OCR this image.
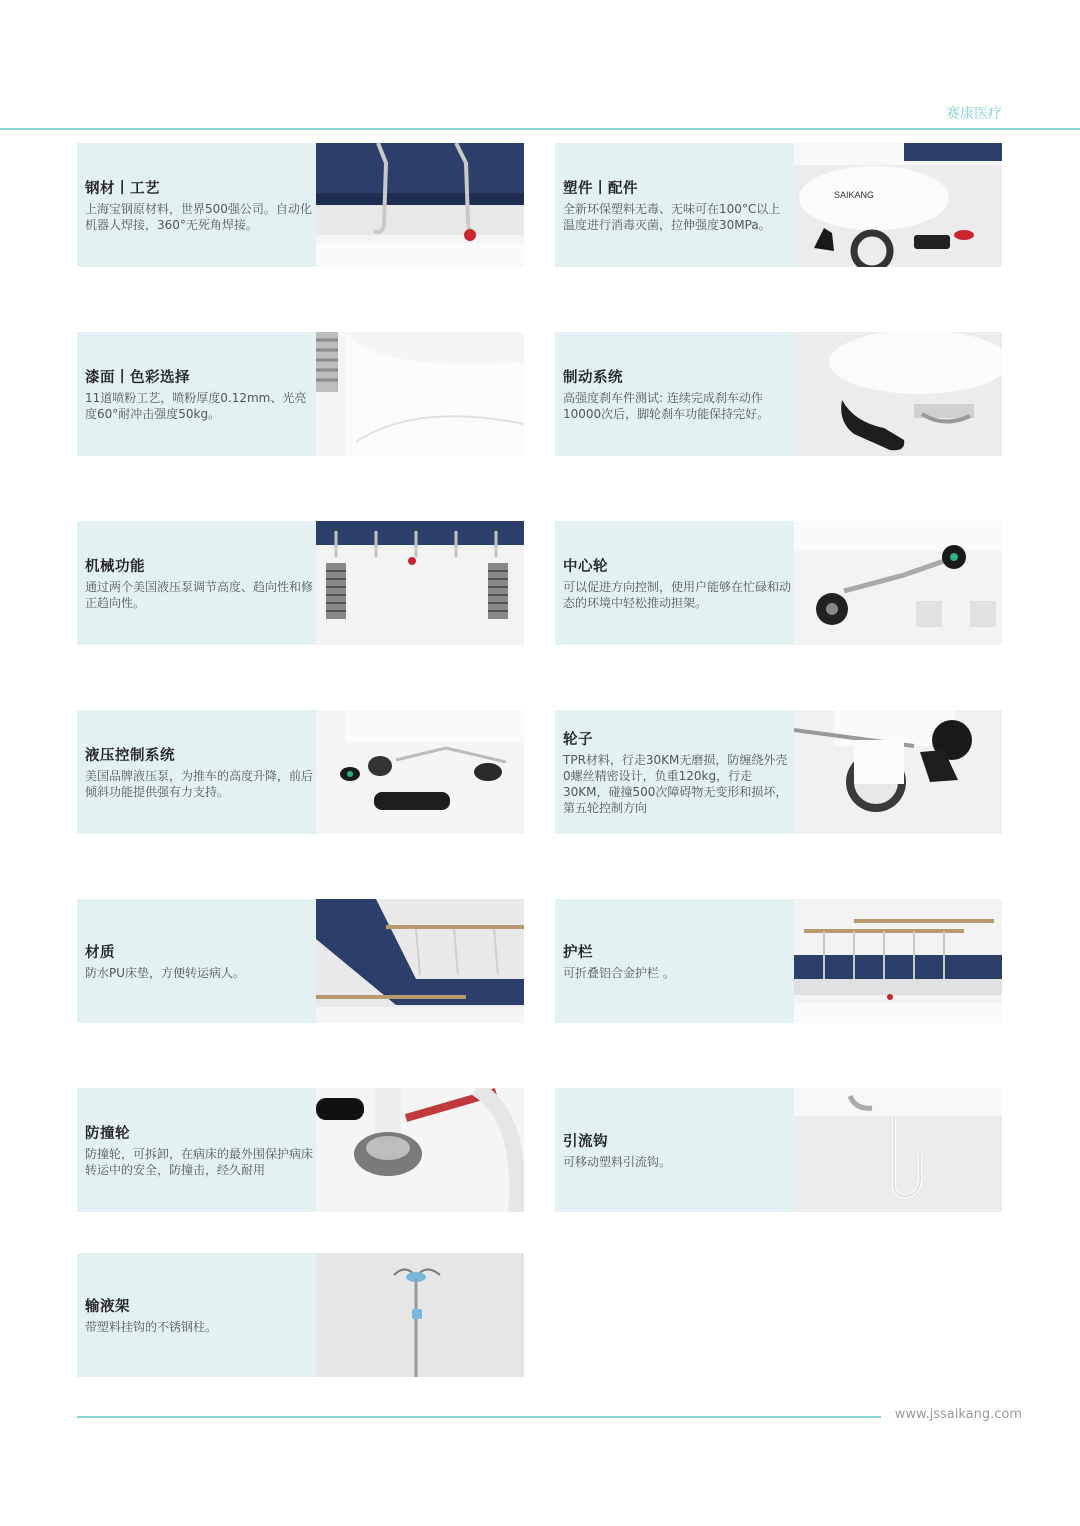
赛康医疗
钢材丨工艺

上海宝钢原材料，世界500强公司。自动化机器人焊接，360°无死角焊接。

塑件丨配件

全新环保塑料无毒、无味可在100°C以上温度进行消毒灭菌，拉伸强度30MPa。

SAIKANG
漆面丨色彩选择

11道喷粉工艺，喷粉厚度0.12mm、光亮度60°耐冲击强度50kg。

制动系统

高强度刹车件测试: 连续完成刹车动作10000次后，脚轮刹车功能保持完好。

机械功能

通过两个美国液压泵调节高度、趋向性和修正趋向性。

中心轮

可以促进方向控制，使用户能够在忙碌和动态的环境中轻松推动担架。

液压控制系统

美国品牌液压泵，为推车的高度升降，前后倾斜功能提供强有力支持。

轮子

TPR材料，行走30KM无磨损，防缠绕外壳0螺丝精密设计，负重120kg，行走30KM，碰撞500次障碍物无变形和损坏，第五轮控制方向

材质

防水PU床垫，方便转运病人。

护栏

可折叠铝合金护栏 。

防撞轮

防撞轮，可拆卸，在病床的最外围保护病床转运中的安全，防撞击，经久耐用

引流钩

可移动塑料引流钩。

输液架

带塑料挂钩的不锈钢柱。

www.jssaikang.com
